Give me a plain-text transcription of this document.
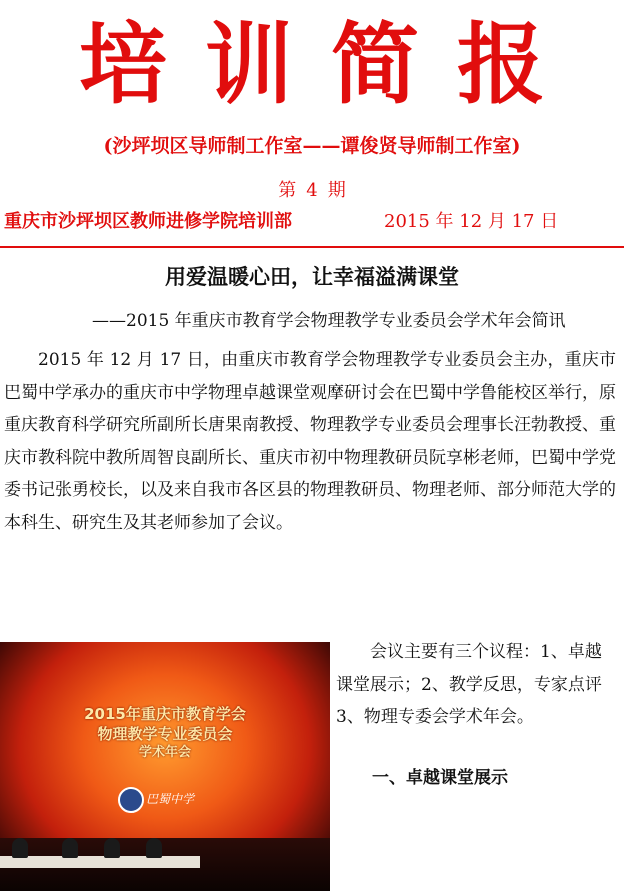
培训简报
(沙坪坝区导师制工作室——谭俊贤导师制工作室)
第 4 期
重庆市沙坪坝区教师进修学院培训部	2015 年 12 月 17 日
用爱温暖心田，让幸福溢满课堂
——2015 年重庆市教育学会物理教学专业委员会学术年会简讯

2015 年 12 月 17 日，由重庆市教育学会物理教学专业委员会主办，重庆市巴蜀中学承办的重庆市中学物理卓越课堂观摩研讨会在巴蜀中学鲁能校区举行，原重庆教育科学研究所副所长唐果南教授、物理教学专业委员会理事长汪勃教授、重庆市教科院中教所周智良副所长、重庆市初中物理教研员阮享彬老师，巴蜀中学党委书记张勇校长，以及来自我市各区县的物理教研员、物理老师、部分师范大学的本科生、研究生及其老师参加了会议。

2015年重庆市教育学会
物理教学专业委员会
学术年会
巴蜀中学

会议主要有三个议程：1、卓越课堂展示；2、教学反思，专家点评 3、物理专委会学术年会。

一、卓越课堂展示
